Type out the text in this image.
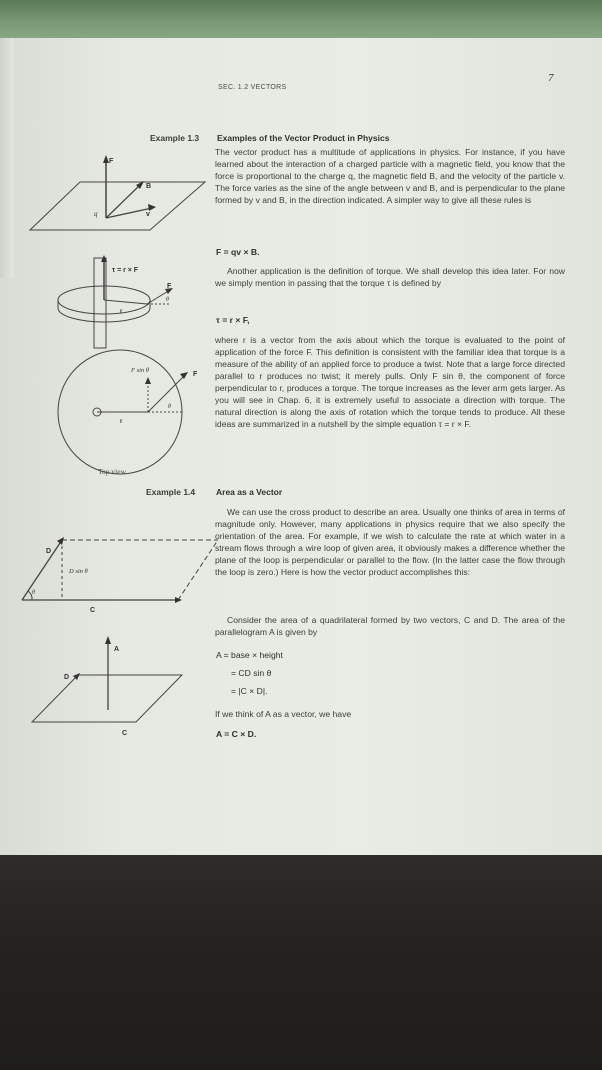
SEC. 1.2 VECTORS
7
Example 1.3 Examples of the Vector Product in Physics

The vector product has a multitude of applications in physics. For instance, if you have learned about the interaction of a charged particle with a magnetic field, you know that the force is proportional to the charge q, the magnetic field B, and the velocity of the particle v. The force varies as the sine of the angle between v and B, and is perpendicular to the plane formed by v and B, in the direction indicated. A simpler way to give all these rules is

F = qv × B.

Another application is the definition of torque. We shall develop this idea later. For now we simply mention in passing that the torque τ is defined by

τ = r × F,

where r is a vector from the axis about which the torque is evaluated to the point of application of the force F. This definition is consistent with the familiar idea that torque is a measure of the ability of an applied force to produce a twist. Note that a large force directed parallel to r produces no twist; it merely pulls. Only F sin θ, the component of force perpendicular to r, produces a torque. The torque increases as the lever arm gets larger. As you will see in Chap. 6, it is extremely useful to associate a direction with torque. The natural direction is along the axis of rotation which the torque tends to produce. All these ideas are summarized in a nutshell by the simple equation τ = r × F.

Example 1.4 Area as a Vector

We can use the cross product to describe an area. Usually one thinks of area in terms of magnitude only. However, many applications in physics require that we also specify the orientation of the area. For example, if we wish to calculate the rate at which water in a stream flows through a wire loop of given area, it obviously makes a difference whether the plane of the loop is perpendicular or parallel to the flow. (In the latter case the flow through the loop is zero.) Here is how the vector product accomplishes this:

Consider the area of a quadrilateral formed by two vectors, C and D. The area of the parallelogram A is given by

A = base × height
= CD sin θ
= |C × D|.

If we think of A as a vector, we have

A = C × D.
F
B
v
q
τ = r × F
F
θ
r
F sin θ
F
θ
r
Top view
D
D sin θ
θ
C
A
D
C
